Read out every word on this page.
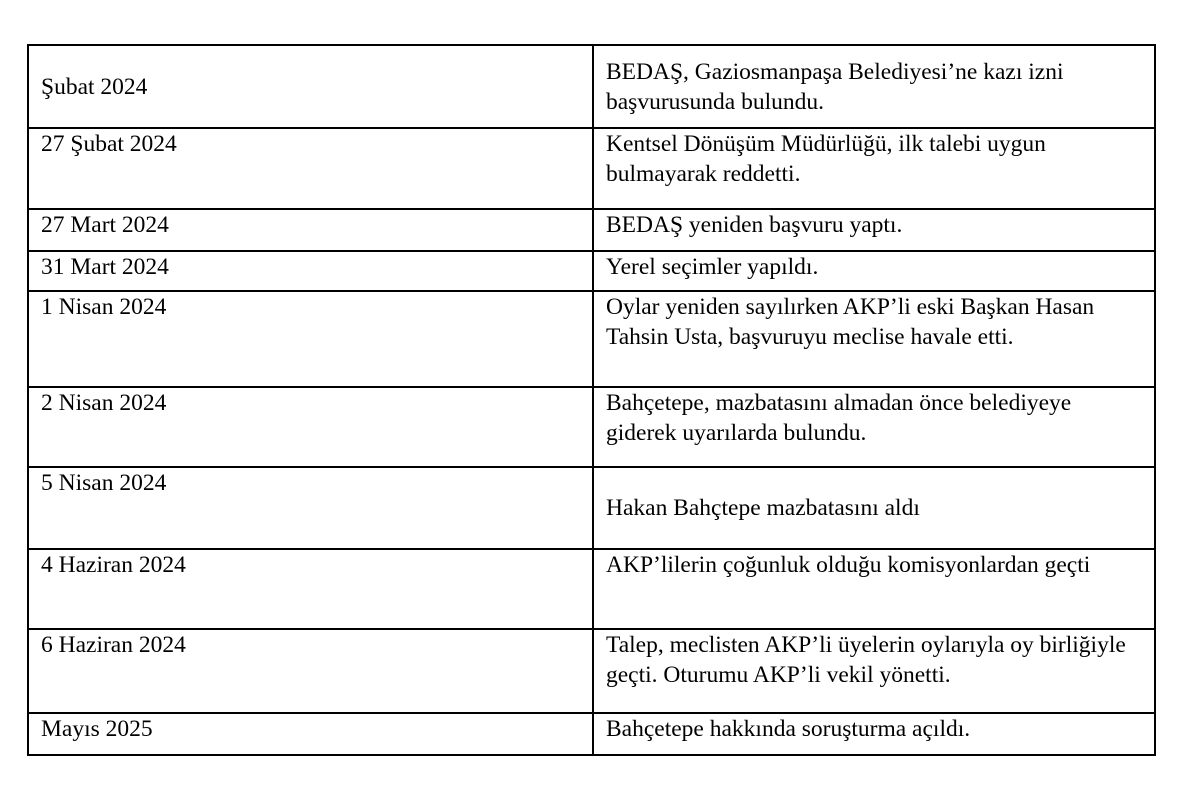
Şubat 2024	BEDAŞ, Gaziosmanpaşa Belediyesi’ne kazı izni başvurusunda bulundu.
27 Şubat 2024	Kentsel Dönüşüm Müdürlüğü, ilk talebi uygun bulmayarak reddetti.
27 Mart 2024	BEDAŞ yeniden başvuru yaptı.
31 Mart 2024	Yerel seçimler yapıldı.
1 Nisan 2024	Oylar yeniden sayılırken AKP’li eski Başkan Hasan Tahsin Usta, başvuruyu meclise havale etti.
2 Nisan 2024	Bahçetepe, mazbatasını almadan önce belediyeye giderek uyarılarda bulundu.
5 Nisan 2024	Hakan Bahçtepe mazbatasını aldı
4 Haziran 2024	AKP’lilerin çoğunluk olduğu komisyonlardan geçti
6 Haziran 2024	Talep, meclisten AKP’li üyelerin oylarıyla oy birliğiyle geçti. Oturumu AKP’li vekil yönetti.
Mayıs 2025	Bahçetepe hakkında soruşturma açıldı.
